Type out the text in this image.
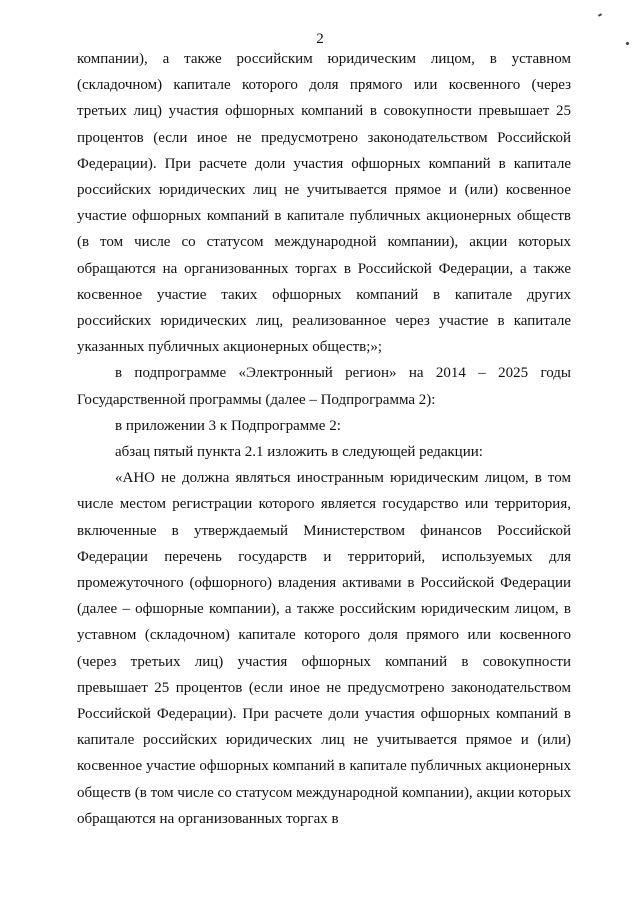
2

компании), а также российским юридическим лицом, в уставном (складочном) капитале которого доля прямого или косвенного (через третьих лиц) участия офшорных компаний в совокупности превышает 25 процентов (если иное не предусмотрено законодательством Российской Федерации). При расчете доли участия офшорных компаний в капитале российских юридических лиц не учитывается прямое и (или) косвенное участие офшорных компаний в капитале публичных акционерных обществ (в том числе со статусом международной компании), акции которых обращаются на организованных торгах в Российской Федерации, а также косвенное участие таких офшорных компаний в капитале других российских юридических лиц, реализованное через участие в капитале указанных публичных акционерных обществ;»;

в подпрограмме «Электронный регион» на 2014 – 2025 годы Государственной программы (далее – Подпрограмма 2):

в приложении 3 к Подпрограмме 2:

абзац пятый пункта 2.1 изложить в следующей редакции:

«АНО не должна являться иностранным юридическим лицом, в том числе местом регистрации которого является государство или территория, включенные в утверждаемый Министерством финансов Российской Федерации перечень государств и территорий, используемых для промежуточного (офшорного) владения активами в Российской Федерации (далее – офшорные компании), а также российским юридическим лицом, в уставном (складочном) капитале которого доля прямого или косвенного (через третьих лиц) участия офшорных компаний в совокупности превышает 25 процентов (если иное не предусмотрено законодательством Российской Федерации). При расчете доли участия офшорных компаний в капитале российских юридических лиц не учитывается прямое и (или) косвенное участие офшорных компаний в капитале публичных акционерных обществ (в том числе со статусом международной компании), акции которых обращаются на организованных торгах в
